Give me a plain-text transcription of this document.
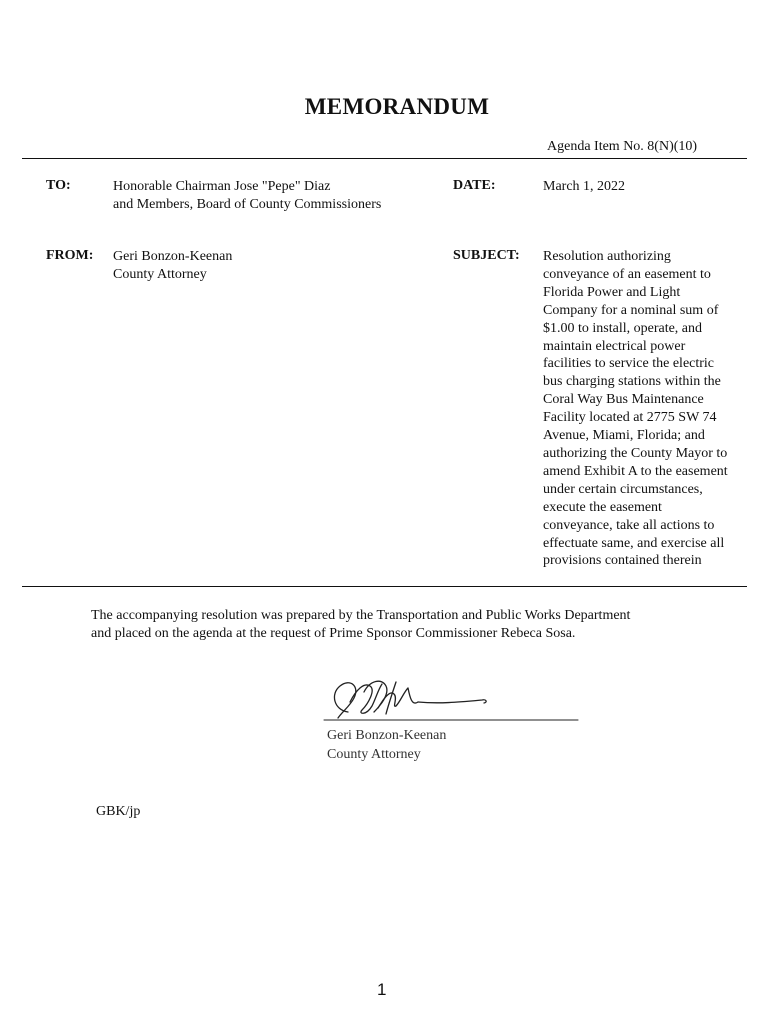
MEMORANDUM
Agenda Item No. 8(N)(10)
TO:	Honorable Chairman Jose "Pepe" Diaz
and Members, Board of County Commissioners
DATE:	March 1, 2022
FROM: Geri Bonzon-Keenan
County Attorney
SUBJECT: Resolution authorizing
conveyance of an easement to
Florida Power and Light
Company for a nominal sum of
$1.00 to install, operate, and
maintain electrical power
facilities to service the electric
bus charging stations within the
Coral Way Bus Maintenance
Facility located at 2775 SW 74
Avenue, Miami, Florida; and
authorizing the County Mayor to
amend Exhibit A to the easement
under certain circumstances,
execute the easement
conveyance, take all actions to
effectuate same, and exercise all
provisions contained therein
The accompanying resolution was prepared by the Transportation and Public Works Department
and placed on the agenda at the request of Prime Sponsor Commissioner Rebeca Sosa.
Geri Bonzon-Keenan
County Attorney
GBK/jp
1
